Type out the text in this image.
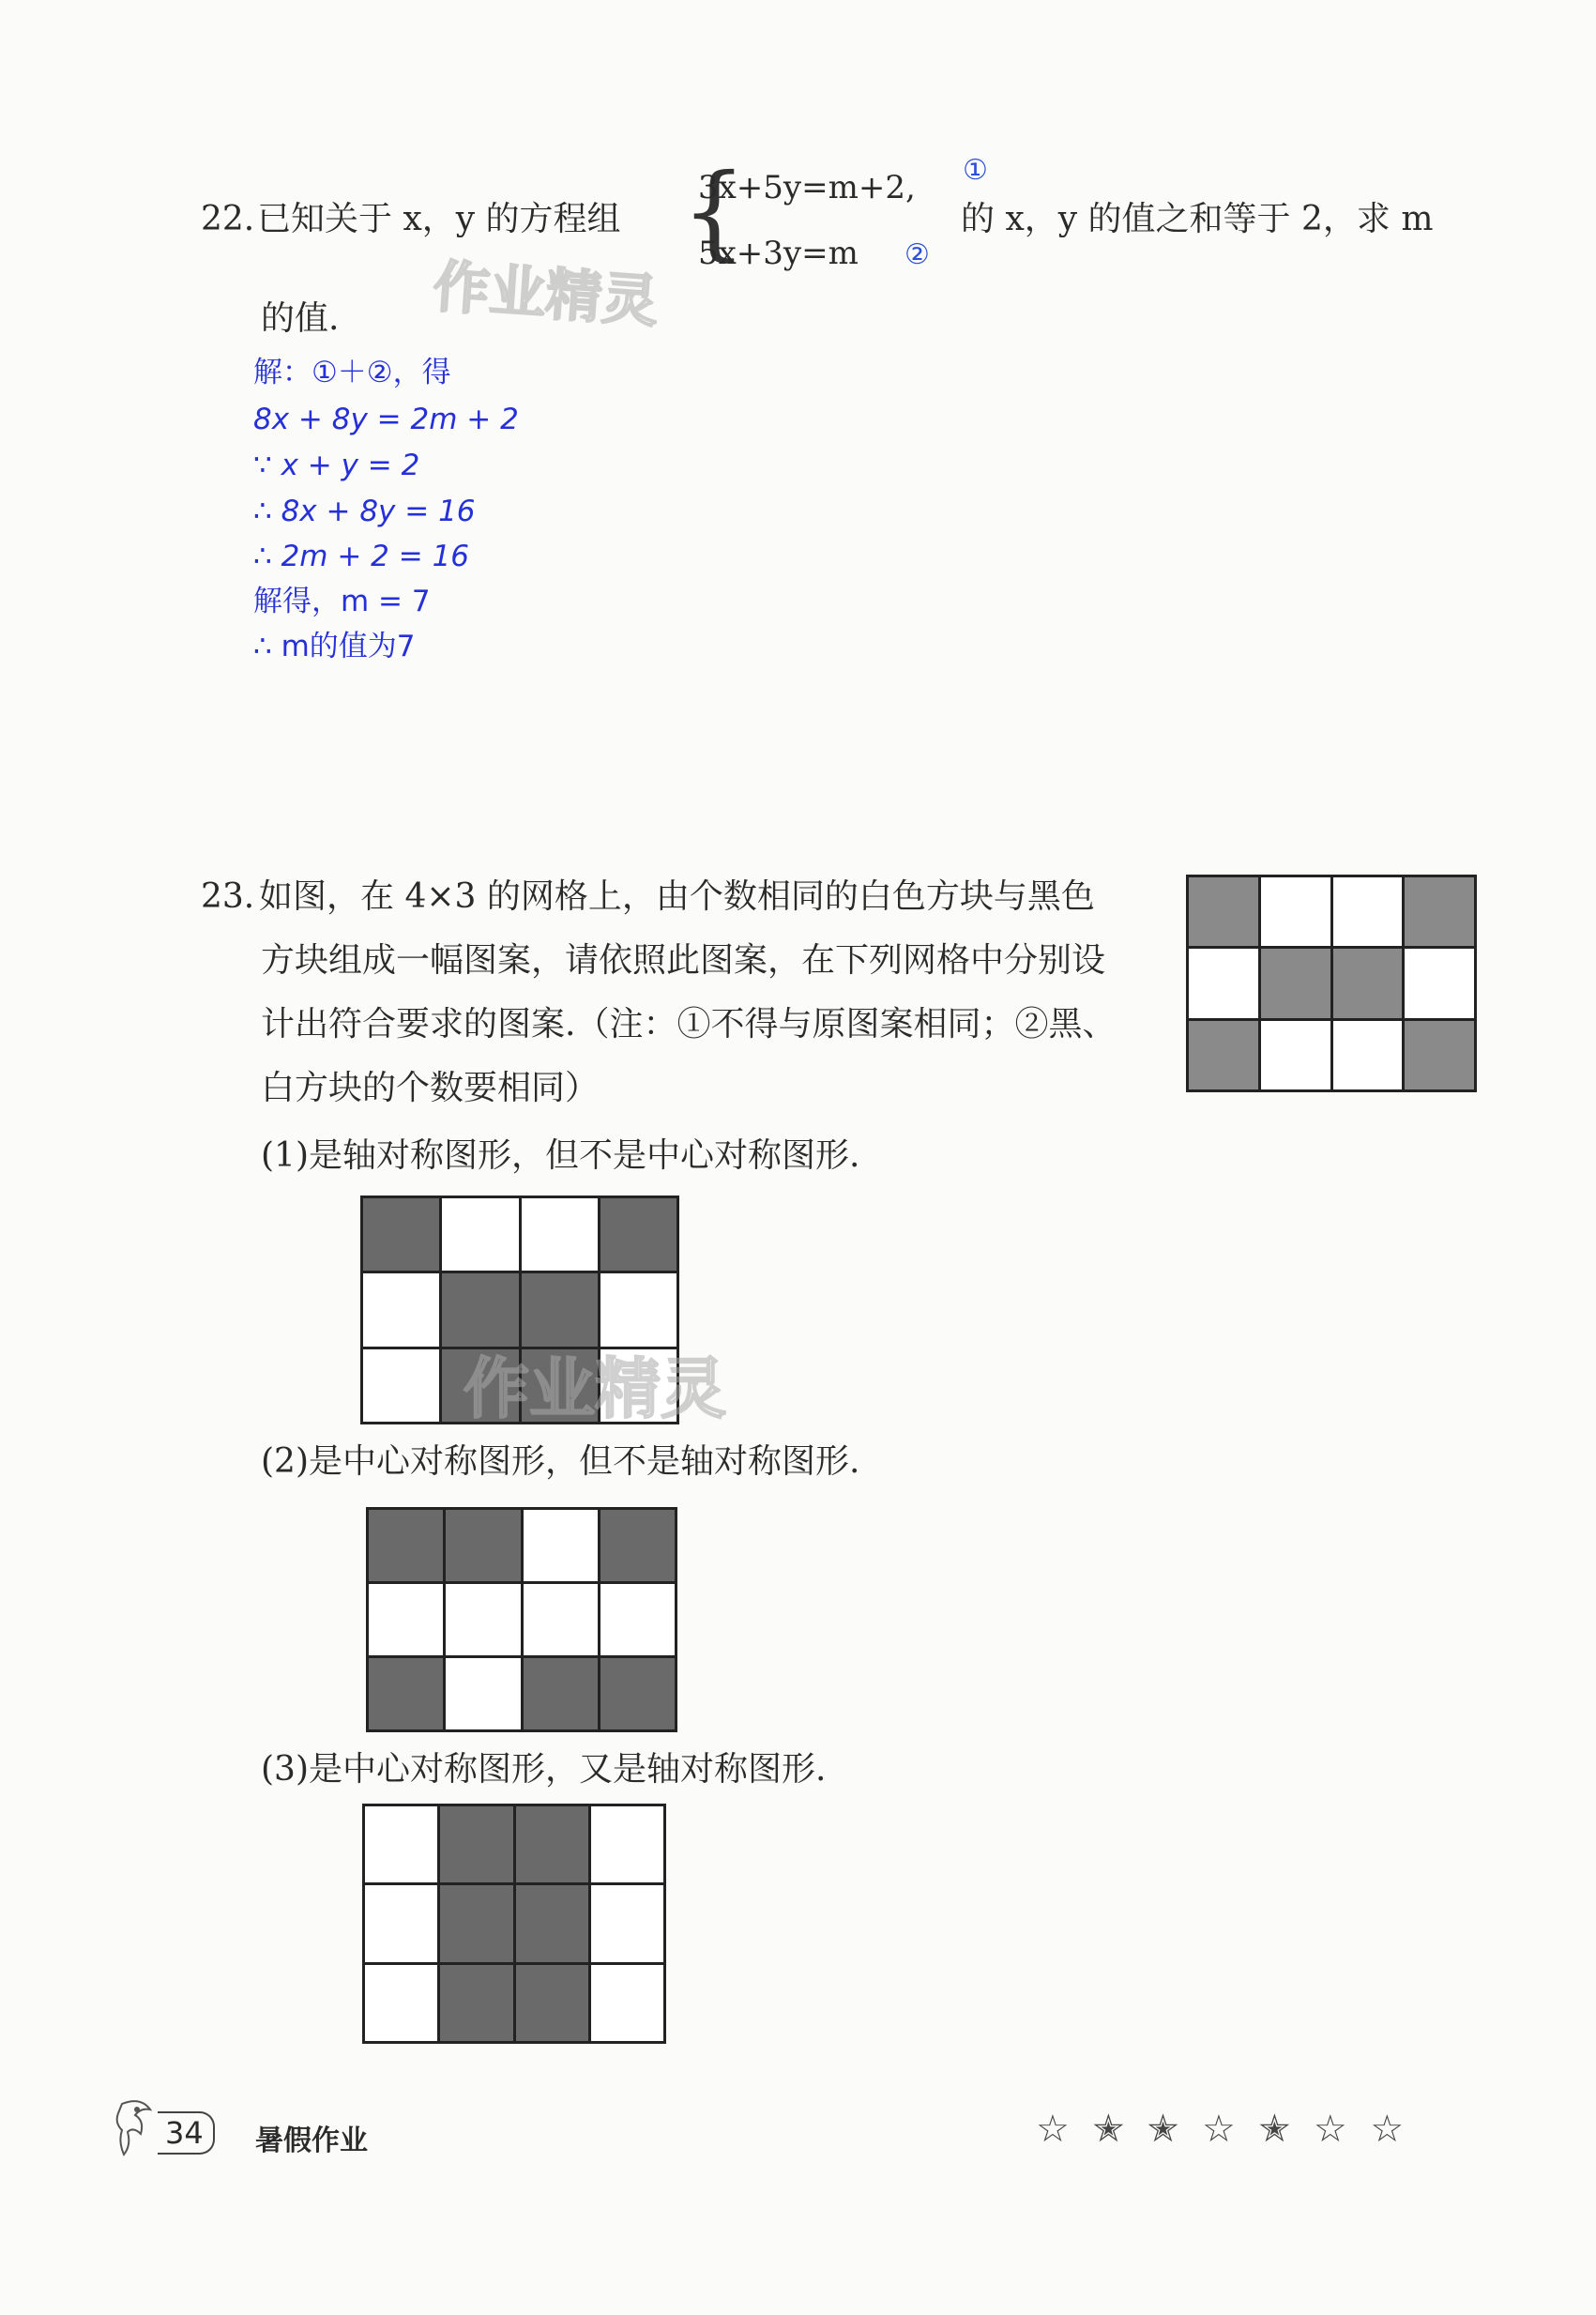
22. 已知关于 x，y 的方程组 {
3x+5y=m+2, ①
5x+3y=m ②
的 x，y 的值之和等于 2，求 m
的值. 作业精灵
解：①＋②，得
8x + 8y = 2m + 2
∵ x + y = 2
∴ 8x + 8y = 16
∴ 2m + 2 = 16
解得，m = 7
∴ m的值为7
23. 如图，在 4×3 的网格上，由个数相同的白色方块与黑色
方块组成一幅图案，请依照此图案，在下列网格中分别设
计出符合要求的图案.（注：①不得与原图案相同；②黑、
白方块的个数要相同）
(1)是轴对称图形，但不是中心对称图形.
作业精灵
(2)是中心对称图形，但不是轴对称图形.
(3)是中心对称图形，又是轴对称图形.
34	暑假作业	☆ ✭ ✭ ☆ ✭ ☆ ☆
